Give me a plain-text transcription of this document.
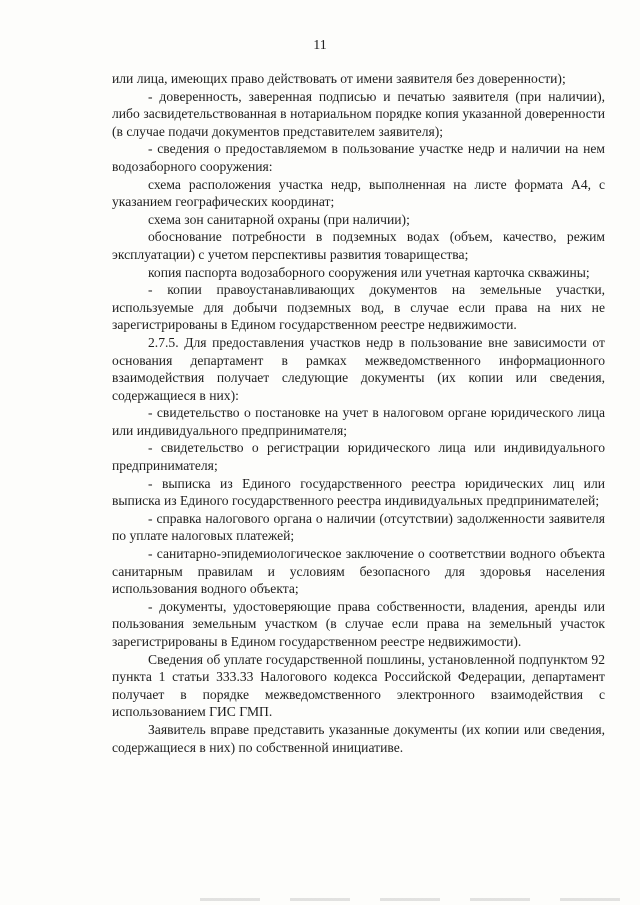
11

или лица, имеющих право действовать от имени заявителя без доверенности);

- доверенность, заверенная подписью и печатью заявителя (при наличии), либо засвидетельствованная в нотариальном порядке копия указанной доверенности (в случае подачи документов представителем заявителя);

- сведения о предоставляемом в пользование участке недр и наличии на нем водозаборного сооружения:

схема расположения участка недр, выполненная на листе формата А4, с указанием географических координат;

схема зон санитарной охраны (при наличии);

обоснование потребности в подземных водах (объем, качество, режим эксплуатации) с учетом перспективы развития товарищества;

копия паспорта водозаборного сооружения или учетная карточка скважины;

- копии правоустанавливающих документов на земельные участки, используемые для добычи подземных вод, в случае если права на них не зарегистрированы в Едином государственном реестре недвижимости.

2.7.5. Для предоставления участков недр в пользование вне зависимости от основания департамент в рамках межведомственного информационного взаимодействия получает следующие документы (их копии или сведения, содержащиеся в них):

- свидетельство о постановке на учет в налоговом органе юридического лица или индивидуального предпринимателя;

- свидетельство о регистрации юридического лица или индивидуального предпринимателя;

- выписка из Единого государственного реестра юридических лиц или выписка из Единого государственного реестра индивидуальных предпринимателей;

- справка налогового органа о наличии (отсутствии) задолженности заявителя по уплате налоговых платежей;

- санитарно-эпидемиологическое заключение о соответствии водного объекта санитарным правилам и условиям безопасного для здоровья населения использования водного объекта;

- документы, удостоверяющие права собственности, владения, аренды или пользования земельным участком (в случае если права на земельный участок зарегистрированы в Едином государственном реестре недвижимости).

Сведения об уплате государственной пошлины, установленной подпунктом 92 пункта 1 статьи 333.33 Налогового кодекса Российской Федерации, департамент получает в порядке межведомственного электронного взаимодействия с использованием ГИС ГМП.

Заявитель вправе представить указанные документы (их копии или сведения, содержащиеся в них) по собственной инициативе.
